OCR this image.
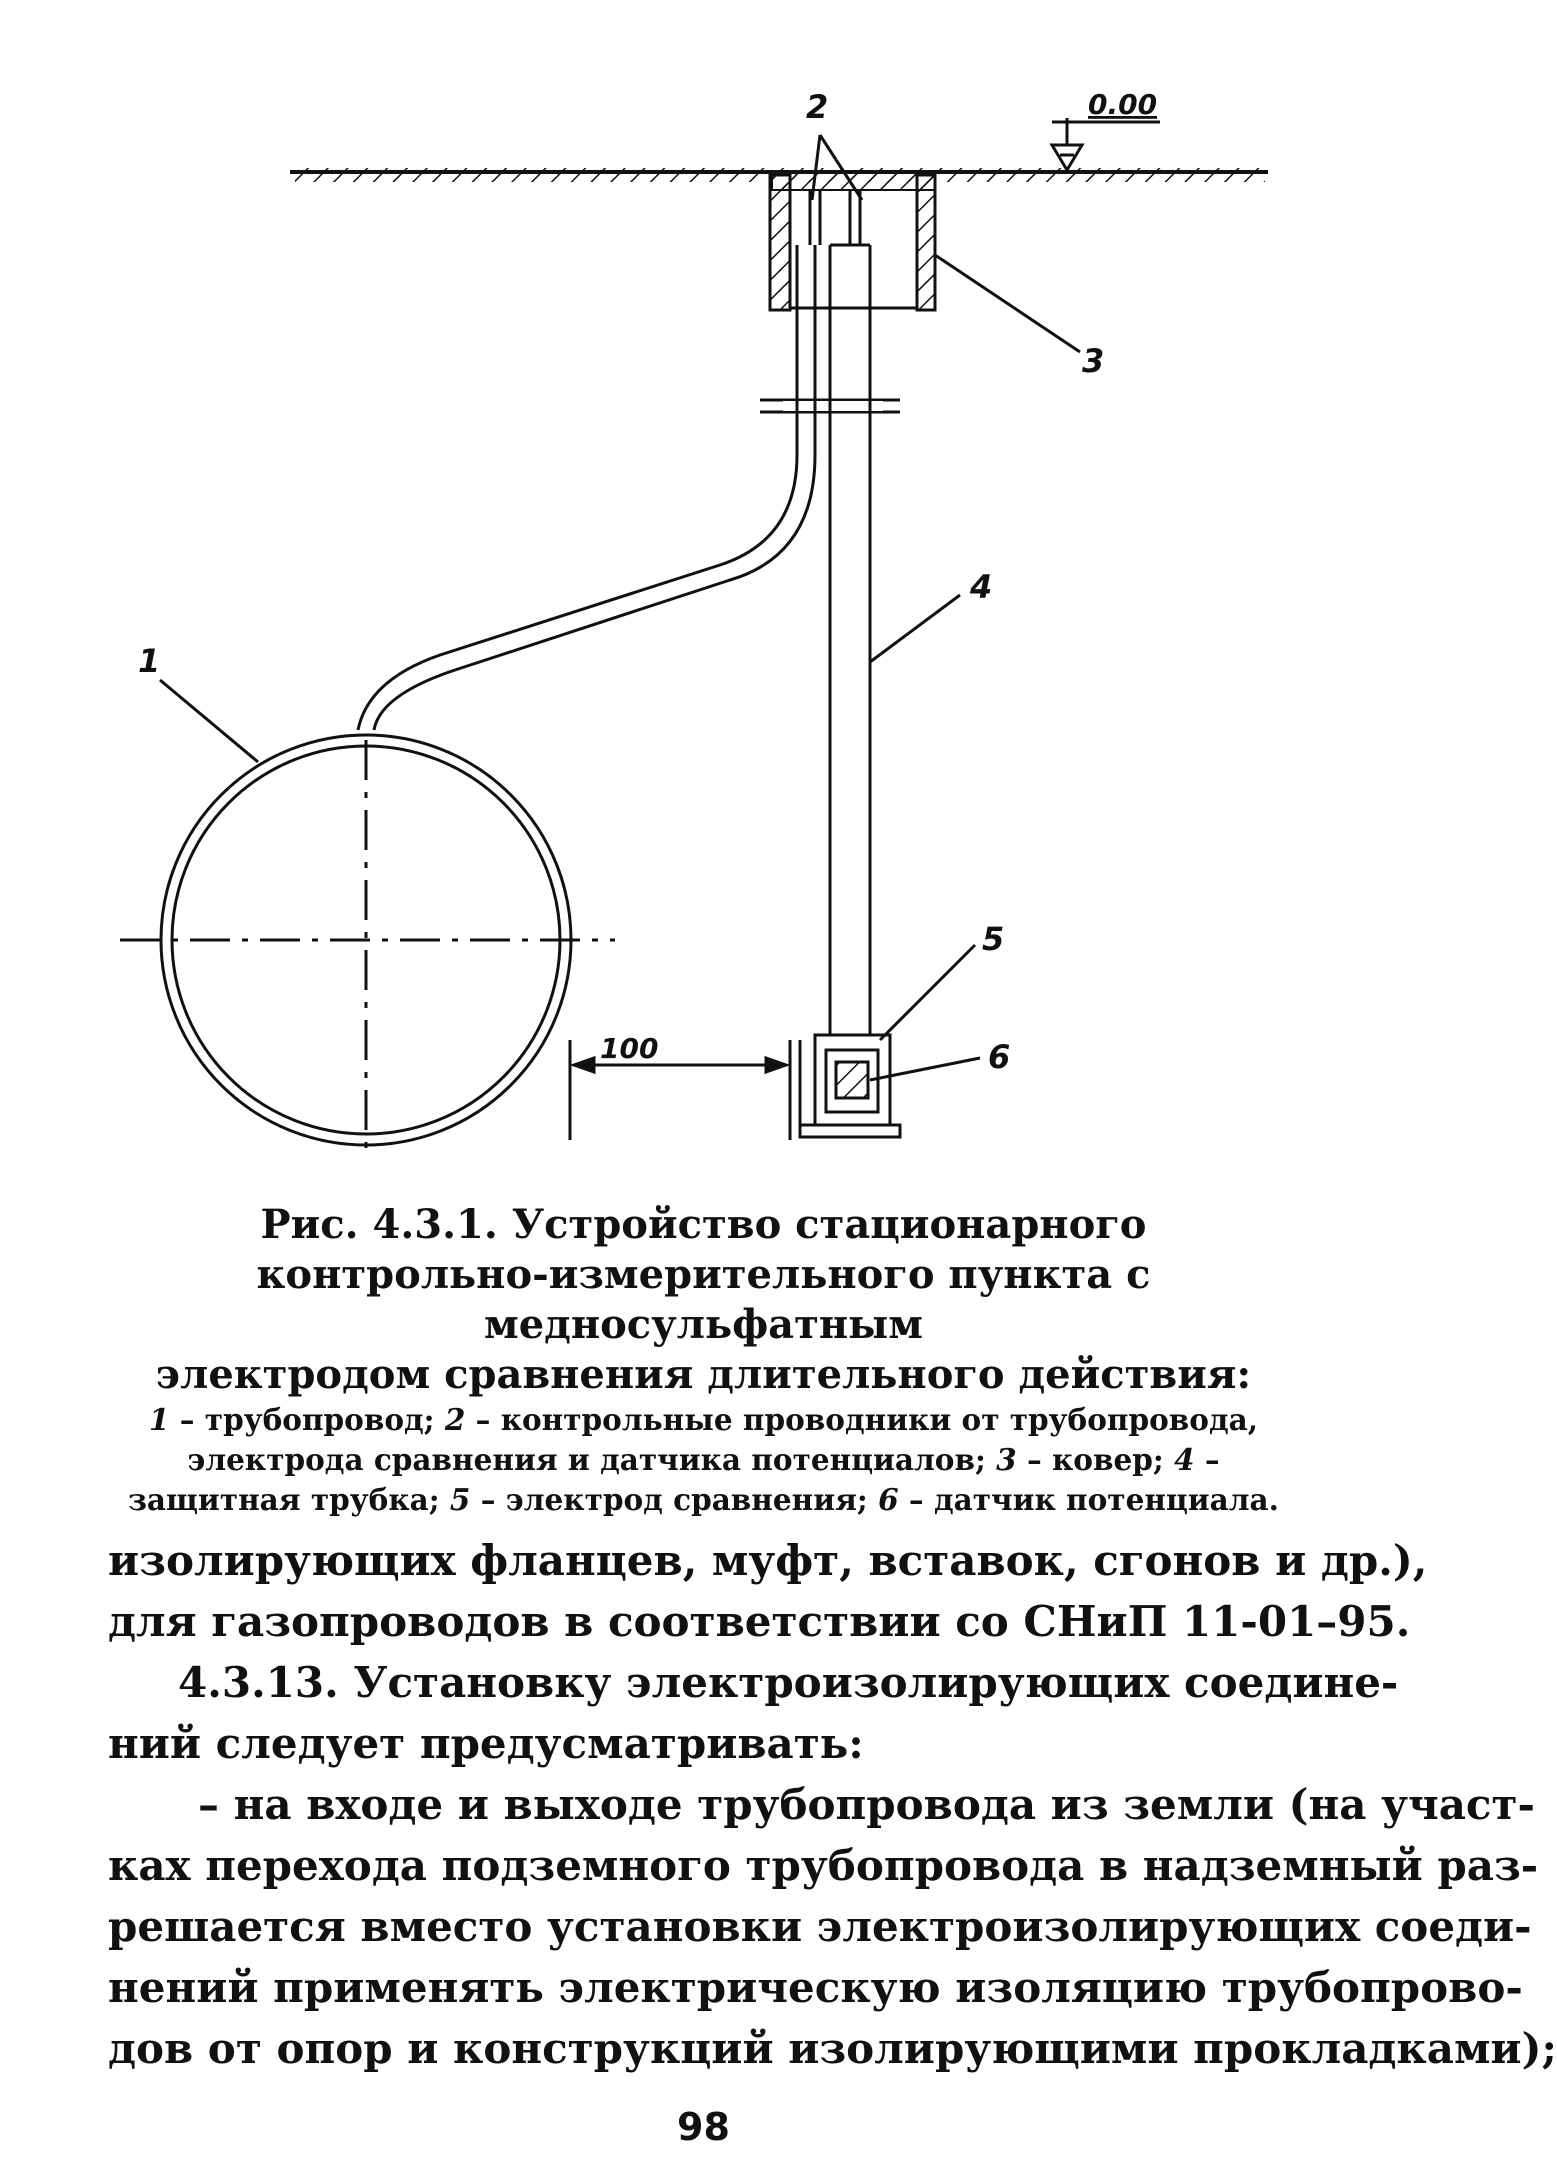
0.00
100
1
2
3
4
5
6
Рис. 4.3.1. Устройство стационарного
контрольно-измерительного пункта с медносульфатным
электродом сравнения длительного действия:
1 – трубопровод; 2 – контрольные проводники от трубопровода, электрода сравнения и датчика потенциалов; 3 – ковер; 4 – защитная трубка; 5 – электрод сравнения; 6 – датчик потенциала.
изолирующих фланцев, муфт, вставок, сгонов и др.),
для газопроводов в соответствии со СНиП 11-01–95.
4.3.13. Установку электроизолирующих соедине-
ний следует предусматривать:
– на входе и выходе трубопровода из земли (на участ-
ках перехода подземного трубопровода в надземный раз-
решается вместо установки электроизолирующих соеди-
нений применять электрическую изоляцию трубопрово-
дов от опор и конструкций изолирующими прокладками);
98
